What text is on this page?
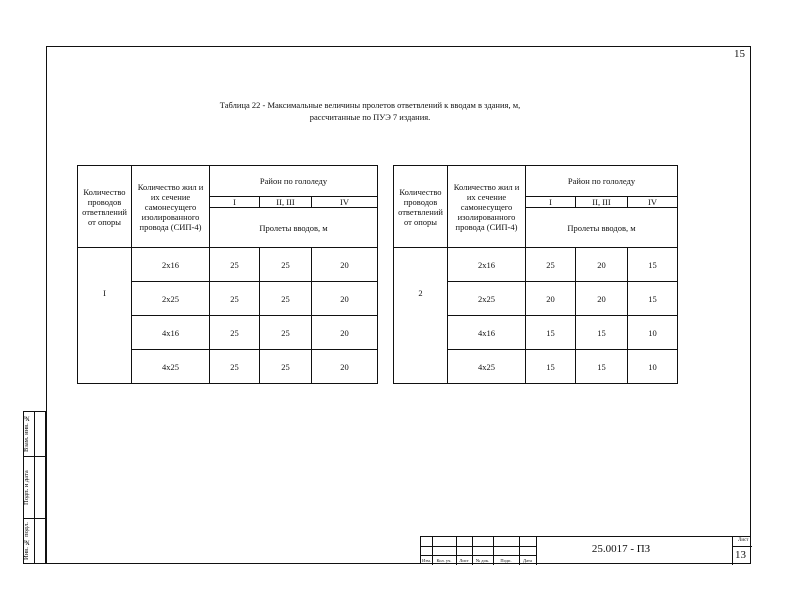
15
Таблица 22 - Максимальные величины пролетов ответвлений к вводам в здания, м,
рассчитанные по ПУЭ 7 издания.
Количество проводов ответвлений от опоры	Количество жил и их сечение самонесущего изолированного провода (СИП-4)	Район по гололеду		
		I	II, III	IV
		Пролеты вводов, м		
I	2х16	25	25	20
	2х25	25	25	20
	4х16	25	25	20
	4х25	25	25	20
Количество проводов ответвлений от опоры	Количество жил и их сечение самонесущего изолированного провода (СИП-4)	Район по гололеду		
		I	II, III	IV
		Пролеты вводов, м		
2	2х16	25	20	15
	2х25	20	20	15
	4х16	15	15	10
	4х25	15	15	10
Взам. инв. №
Подп. и дата
Инв. № подл.
Изм.	Кол. уч.	Лист	№ док.	Подп.	Дата
25.0017 - ПЗ
Лист
13
